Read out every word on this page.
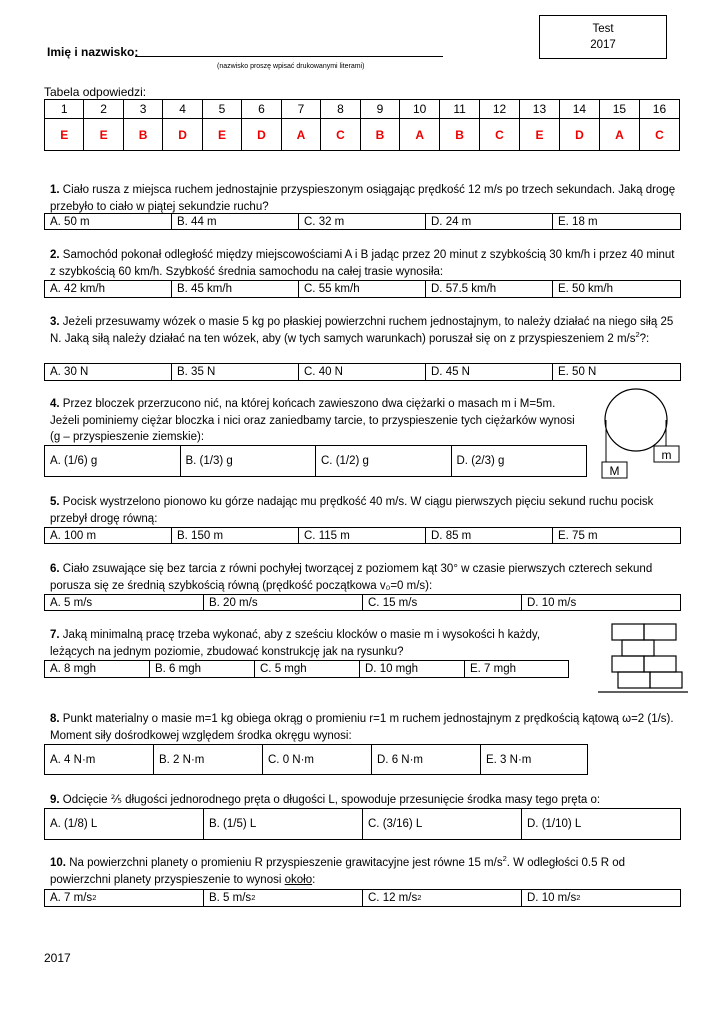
Test
2017
Imię i nazwisko:
(nazwisko proszę wpisać drukowanymi literami)
Tabela odpowiedzi:
1	2	3	4	5	6	7	8	9	10	11	12	13	14	15	16
E	E	B	D	E	D	A	C	B	A	B	C	E	D	A	C
1. Ciało rusza z miejsca ruchem jednostajnie przyspieszonym osiągając prędkość 12 m/s po trzech sekundach. Jaką drogę przebyło to ciało w piątej sekundzie ruchu?
A. 50 m	B. 44 m	C. 32 m	D. 24 m	E. 18 m
2. Samochód pokonał odległość między miejscowościami A i B jadąc przez 20 minut z szybkością 30 km/h i przez 40 minut z szybkością 60 km/h. Szybkość średnia samochodu na całej trasie wynosiła:
A. 42 km/h	B. 45 km/h	C. 55 km/h	D. 57.5 km/h	E. 50 km/h
3. Jeżeli przesuwamy wózek o masie 5 kg po płaskiej powierzchni ruchem jednostajnym, to należy działać na niego siłą 25 N. Jaką siłą należy działać na ten wózek, aby (w tych samych warunkach) poruszał się on z przyspieszeniem 2 $m/s^2$?:
A. 30 N	B. 35 N	C. 40 N	D. 45 N	E. 50 N
4. Przez bloczek przerzucono nić, na której końcach zawieszono dwa ciężarki o masach m i M=5m. Jeżeli pominiemy ciężar bloczka i nici oraz zaniedbamy tarcie, to przyspieszenie tych ciężarków wynosi (g – przyspieszenie ziemskie):
A. (1/6) g	B. (1/3) g	C. (1/2) g	D. (2/3) g
M
m
5. Pocisk wystrzelono pionowo ku górze nadając mu prędkość 40 m/s. W ciągu pierwszych pięciu sekund ruchu pocisk przebył drogę równą:
A. 100 m	B. 150 m	C. 115 m	D. 85 m	E. 75 m
6. Ciało zsuwające się bez tarcia z równi pochyłej tworzącej z poziomem kąt 30° w czasie pierwszych czterech sekund porusza się ze średnią szybkością równą (prędkość początkowa v₀=0 m/s):
A. 5 m/s	B. 20 m/s	C. 15 m/s	D. 10 m/s
7. Jaką minimalną pracę trzeba wykonać, aby z sześciu klocków o masie m i wysokości h każdy, leżących na jednym poziomie, zbudować konstrukcję jak na rysunku?
A. 8 mgh	B. 6 mgh	C. 5 mgh	D. 10 mgh	E. 7 mgh
8. Punkt materialny o masie m=1 kg obiega okrąg o promieniu r=1 m ruchem jednostajnym z prędkością kątową ω=2 (1/s). Moment siły dośrodkowej względem środka okręgu wynosi:
A. 4 N·m	B. 2 N·m	C. 0 N·m	D. 6 N·m	E. 3 N·m
9. Odcięcie ⅖ długości jednorodnego pręta o długości L, spowoduje przesunięcie środka masy tego pręta o:
A. (1/8) L	B. (1/5) L	C. (3/16) L	D. (1/10) L
10. Na powierzchni planety o promieniu R przyspieszenie grawitacyjne jest równe 15 $m/s^2$. W odległości 0.5 R od powierzchni planety przyspieszenie to wynosi około:
A. 7 m/s 2	B. 5 m/s 2	C. 12 m/s 2	D. 10 m/s 2
2017
